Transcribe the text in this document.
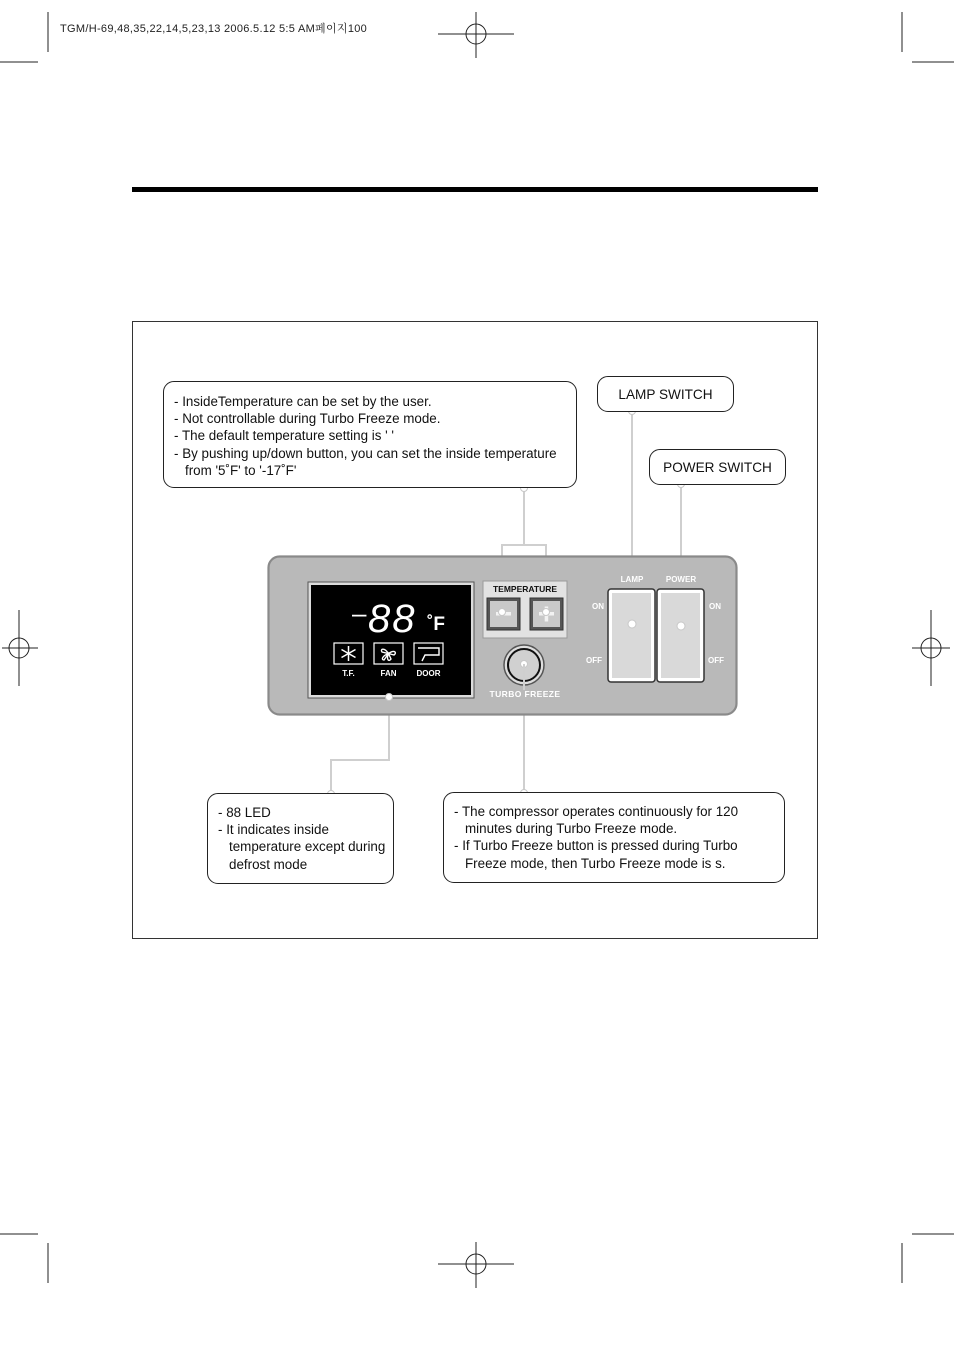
TGM/H-69,48,35,22,14,5,23,13 2006.5.12 5:5 AM페이지100
– 88 ˚F
T.F.	FAN	DOOR
TEMPERATURE
TURBO FREEZE
LAMP	POWER
ON
OFF
ON
OFF
- InsideTemperature can be set by the user.
- Not controllable during Turbo Freeze mode.
- The default temperature setting is ' '
- By pushing up/down button, you can set the inside temperature from '5˚F' to '-17˚F'
LAMP SWITCH
POWER SWITCH
- 88 LED
- It indicates inside temperature except during defrost mode
- The compressor operates continuously for 120 minutes during Turbo Freeze mode.
- If Turbo Freeze button is pressed during Turbo Freeze mode, then Turbo Freeze mode is s.
